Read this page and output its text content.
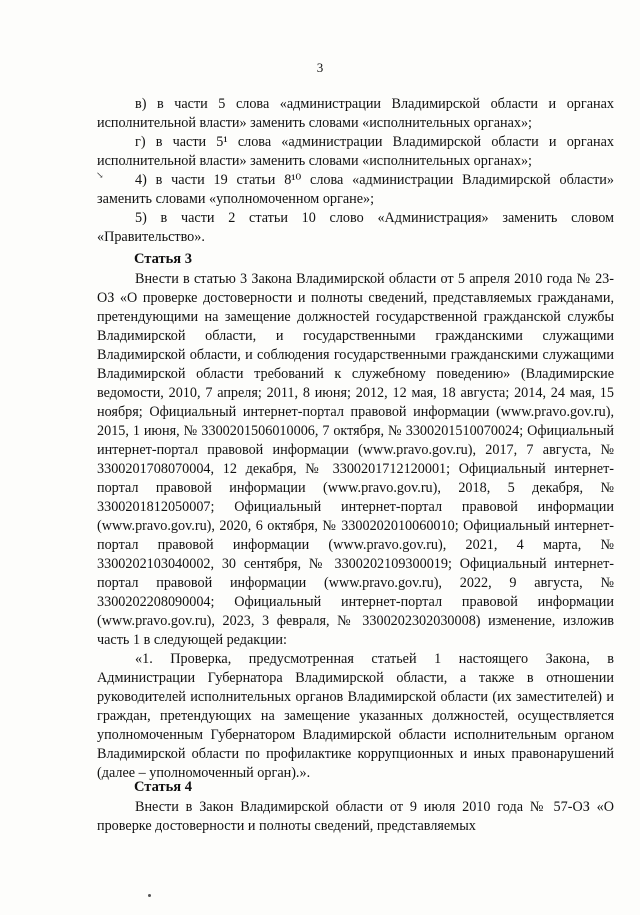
3
↘

в) в части 5 слова «администрации Владимирской области и органах исполнительной власти» заменить словами «исполнительных органах»;

г) в части 5¹ слова «администрации Владимирской области и органах исполнительной власти» заменить словами «исполнительных органах»;

4) в части 19 статьи 8¹⁰ слова «администрации Владимирской области» заменить словами «уполномоченном органе»;

5) в части 2 статьи 10 слово «Администрация» заменить словом «Правительство».

Статья 3

Внести в статью 3 Закона Владимирской области от 5 апреля 2010 года № 23-ОЗ «О проверке достоверности и полноты сведений, представляемых гражданами, претендующими на замещение должностей государственной гражданской службы Владимирской области, и государственными гражданскими служащими Владимирской области, и соблюдения государственными гражданскими служащими Владимирской области требований к служебному поведению» (Владимирские ведомости, 2010, 7 апреля; 2011, 8 июня; 2012, 12 мая, 18 августа; 2014, 24 мая, 15 ноября; Официальный интернет-портал правовой информации (www.pravo.gov.ru), 2015, 1 июня, № 3300201506010006, 7 октября, № 3300201510070024; Официальный интернет-портал правовой информации (www.pravo.gov.ru), 2017, 7 августа, № 3300201708070004, 12 декабря, № 3300201712120001; Официальный интернет-портал правовой информации (www.pravo.gov.ru), 2018, 5 декабря, № 3300201812050007; Официальный интернет-портал правовой информации (www.pravo.gov.ru), 2020, 6 октября, № 3300202010060010; Официальный интернет-портал правовой информации (www.pravo.gov.ru), 2021, 4 марта, № 3300202103040002, 30 сентября, № 3300202109300019; Официальный интернет-портал правовой информации (www.pravo.gov.ru), 2022, 9 августа, № 3300202208090004; Официальный интернет-портал правовой информации (www.pravo.gov.ru), 2023, 3 февраля, № 3300202302030008) изменение, изложив часть 1 в следующей редакции:

«1. Проверка, предусмотренная статьей 1 настоящего Закона, в Администрации Губернатора Владимирской области, а также в отношении руководителей исполнительных органов Владимирской области (их заместителей) и граждан, претендующих на замещение указанных должностей, осуществляется уполномоченным Губернатором Владимирской области исполнительным органом Владимирской области по профилактике коррупционных и иных правонарушений (далее – уполномоченный орган).».

Статья 4

Внести в Закон Владимирской области от 9 июля 2010 года № 57-ОЗ «О проверке достоверности и полноты сведений, представляемых
